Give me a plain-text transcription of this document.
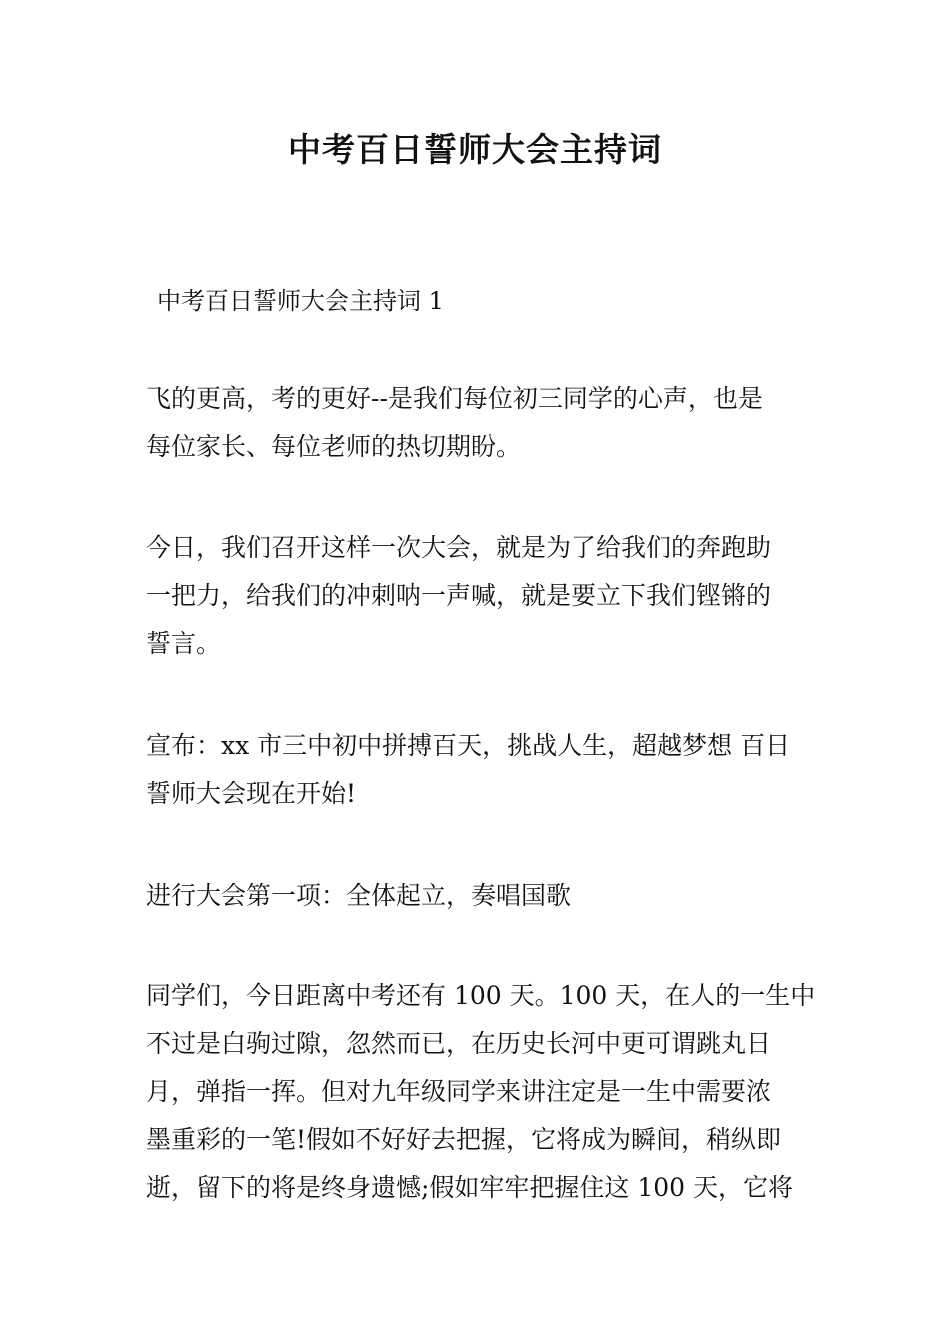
中考百日誓师大会主持词

中考百日誓师大会主持词 1

飞的更高，考的更好--是我们每位初三同学的心声，也是
每位家长、每位老师的热切期盼。

今日，我们召开这样一次大会，就是为了给我们的奔跑助
一把力，给我们的冲刺呐一声喊，就是要立下我们铿锵的
誓言。

宣布：xx 市三中初中拼搏百天，挑战人生，超越梦想 百日
誓师大会现在开始!

进行大会第一项：全体起立，奏唱国歌

同学们，今日距离中考还有 100 天。100 天，在人的一生中
不过是白驹过隙，忽然而已，在历史长河中更可谓跳丸日
月，弹指一挥。但对九年级同学来讲注定是一生中需要浓
墨重彩的一笔!假如不好好去把握，它将成为瞬间，稍纵即
逝，留下的将是终身遗憾;假如牢牢把握住这 100 天，它将
